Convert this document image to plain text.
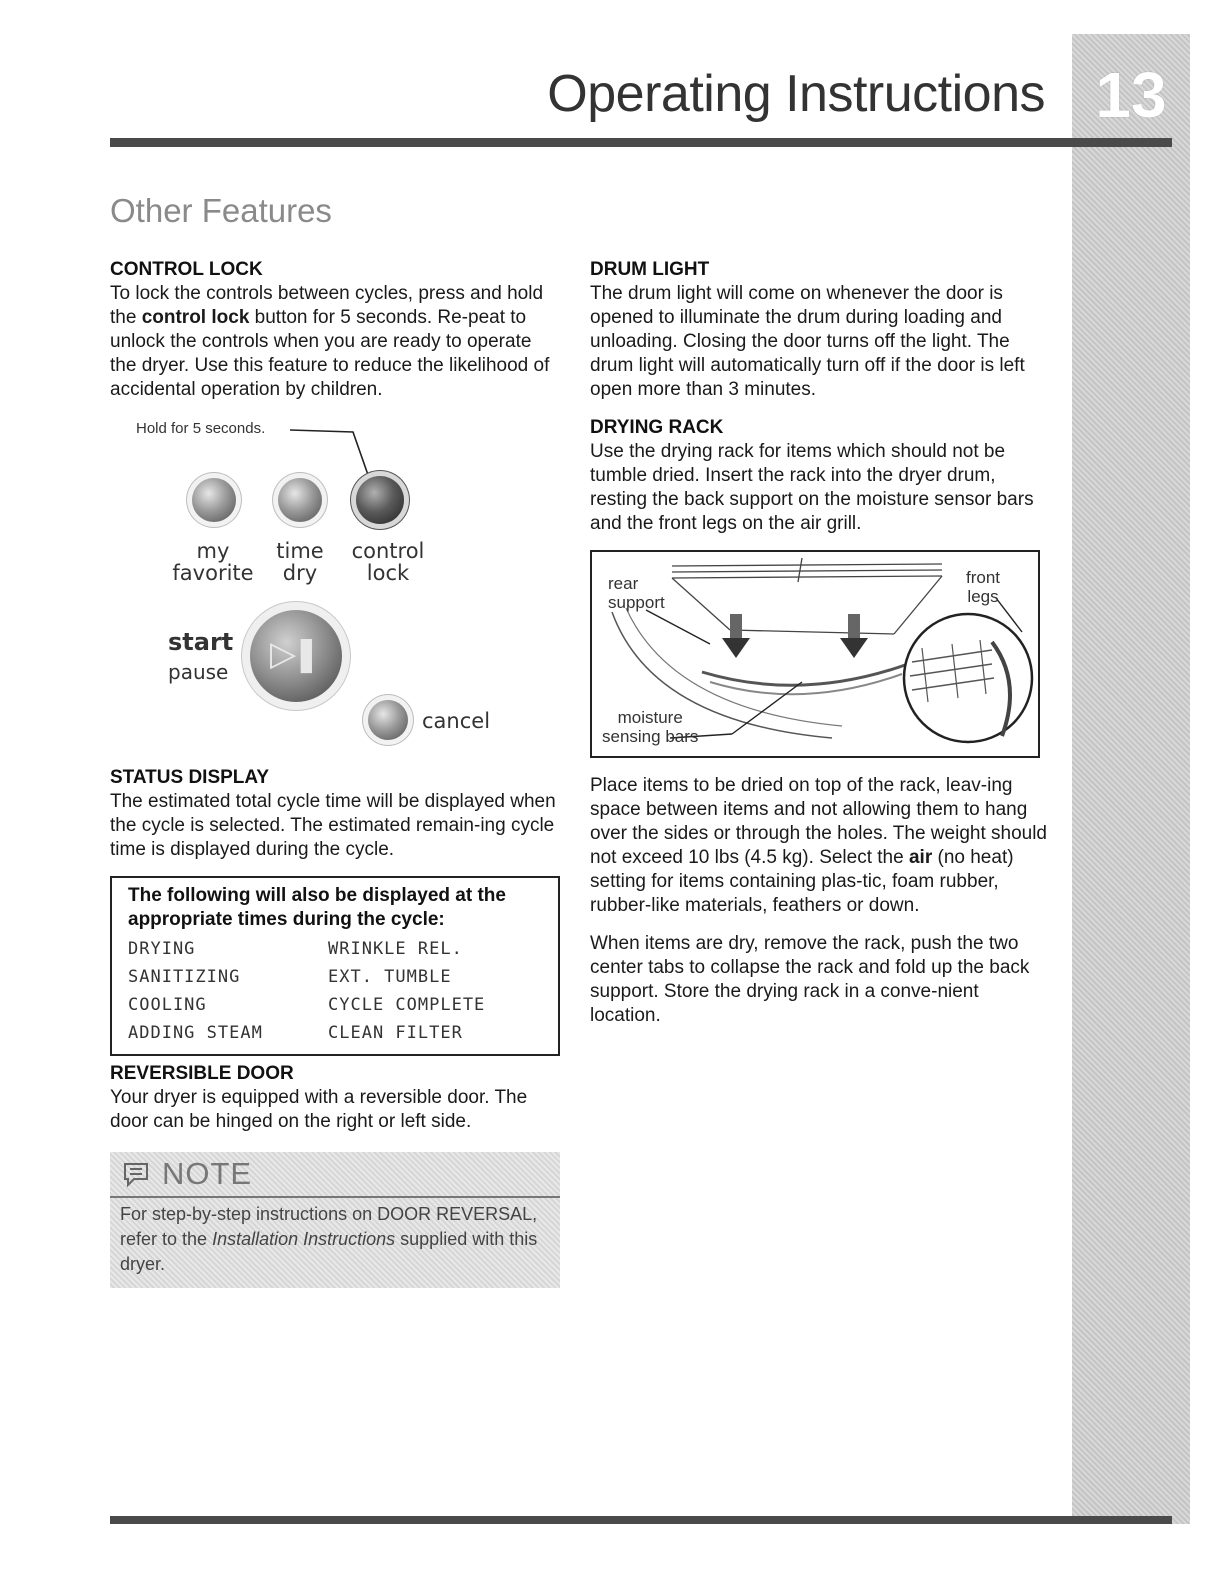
13
Operating Instructions
Other Features
CONTROL LOCK

To lock the controls between cycles, press and hold the control lock button for 5 seconds. Re-peat to unlock the controls when you are ready to operate the dryer. Use this feature to reduce the likelihood of accidental operation by children.

Hold for 5 seconds.
my
favorite
time
dry
control
lock
start
pause ▷❚
cancel
STATUS DISPLAY

The estimated total cycle time will be displayed when the cycle is selected. The estimated remain-ing cycle time is displayed during the cycle.

The following will also be displayed at the appropriate times during the cycle:

DRYING	WRINKLE REL.
SANITIZING	EXT. TUMBLE
COOLING	CYCLE COMPLETE
ADDING STEAM	CLEAN FILTER
REVERSIBLE DOOR

Your dryer is equipped with a reversible door. The door can be hinged on the right or left side.

NOTE

For step-by-step instructions on DOOR REVERSAL, refer to the Installation Instructions supplied with this dryer.

DRUM LIGHT

The drum light will come on whenever the door is opened to illuminate the drum during loading and unloading. Closing the door turns off the light. The drum light will automatically turn off if the door is left open more than 3 minutes.

DRYING RACK

Use the drying rack for items which should not be tumble dried. Insert the rack into the dryer drum, resting the back support on the moisture sensor bars and the front legs on the air grill.

rear
support
front
legs
moisture
sensing bars

Place items to be dried on top of the rack, leav-ing space between items and not allowing them to hang over the sides or through the holes. The weight should not exceed 10 lbs (4.5 kg). Select the air (no heat) setting for items containing plas-tic, foam rubber, rubber-like materials, feathers or down.

When items are dry, remove the rack, push the two center tabs to collapse the rack and fold up the back support. Store the drying rack in a conve-nient location.
